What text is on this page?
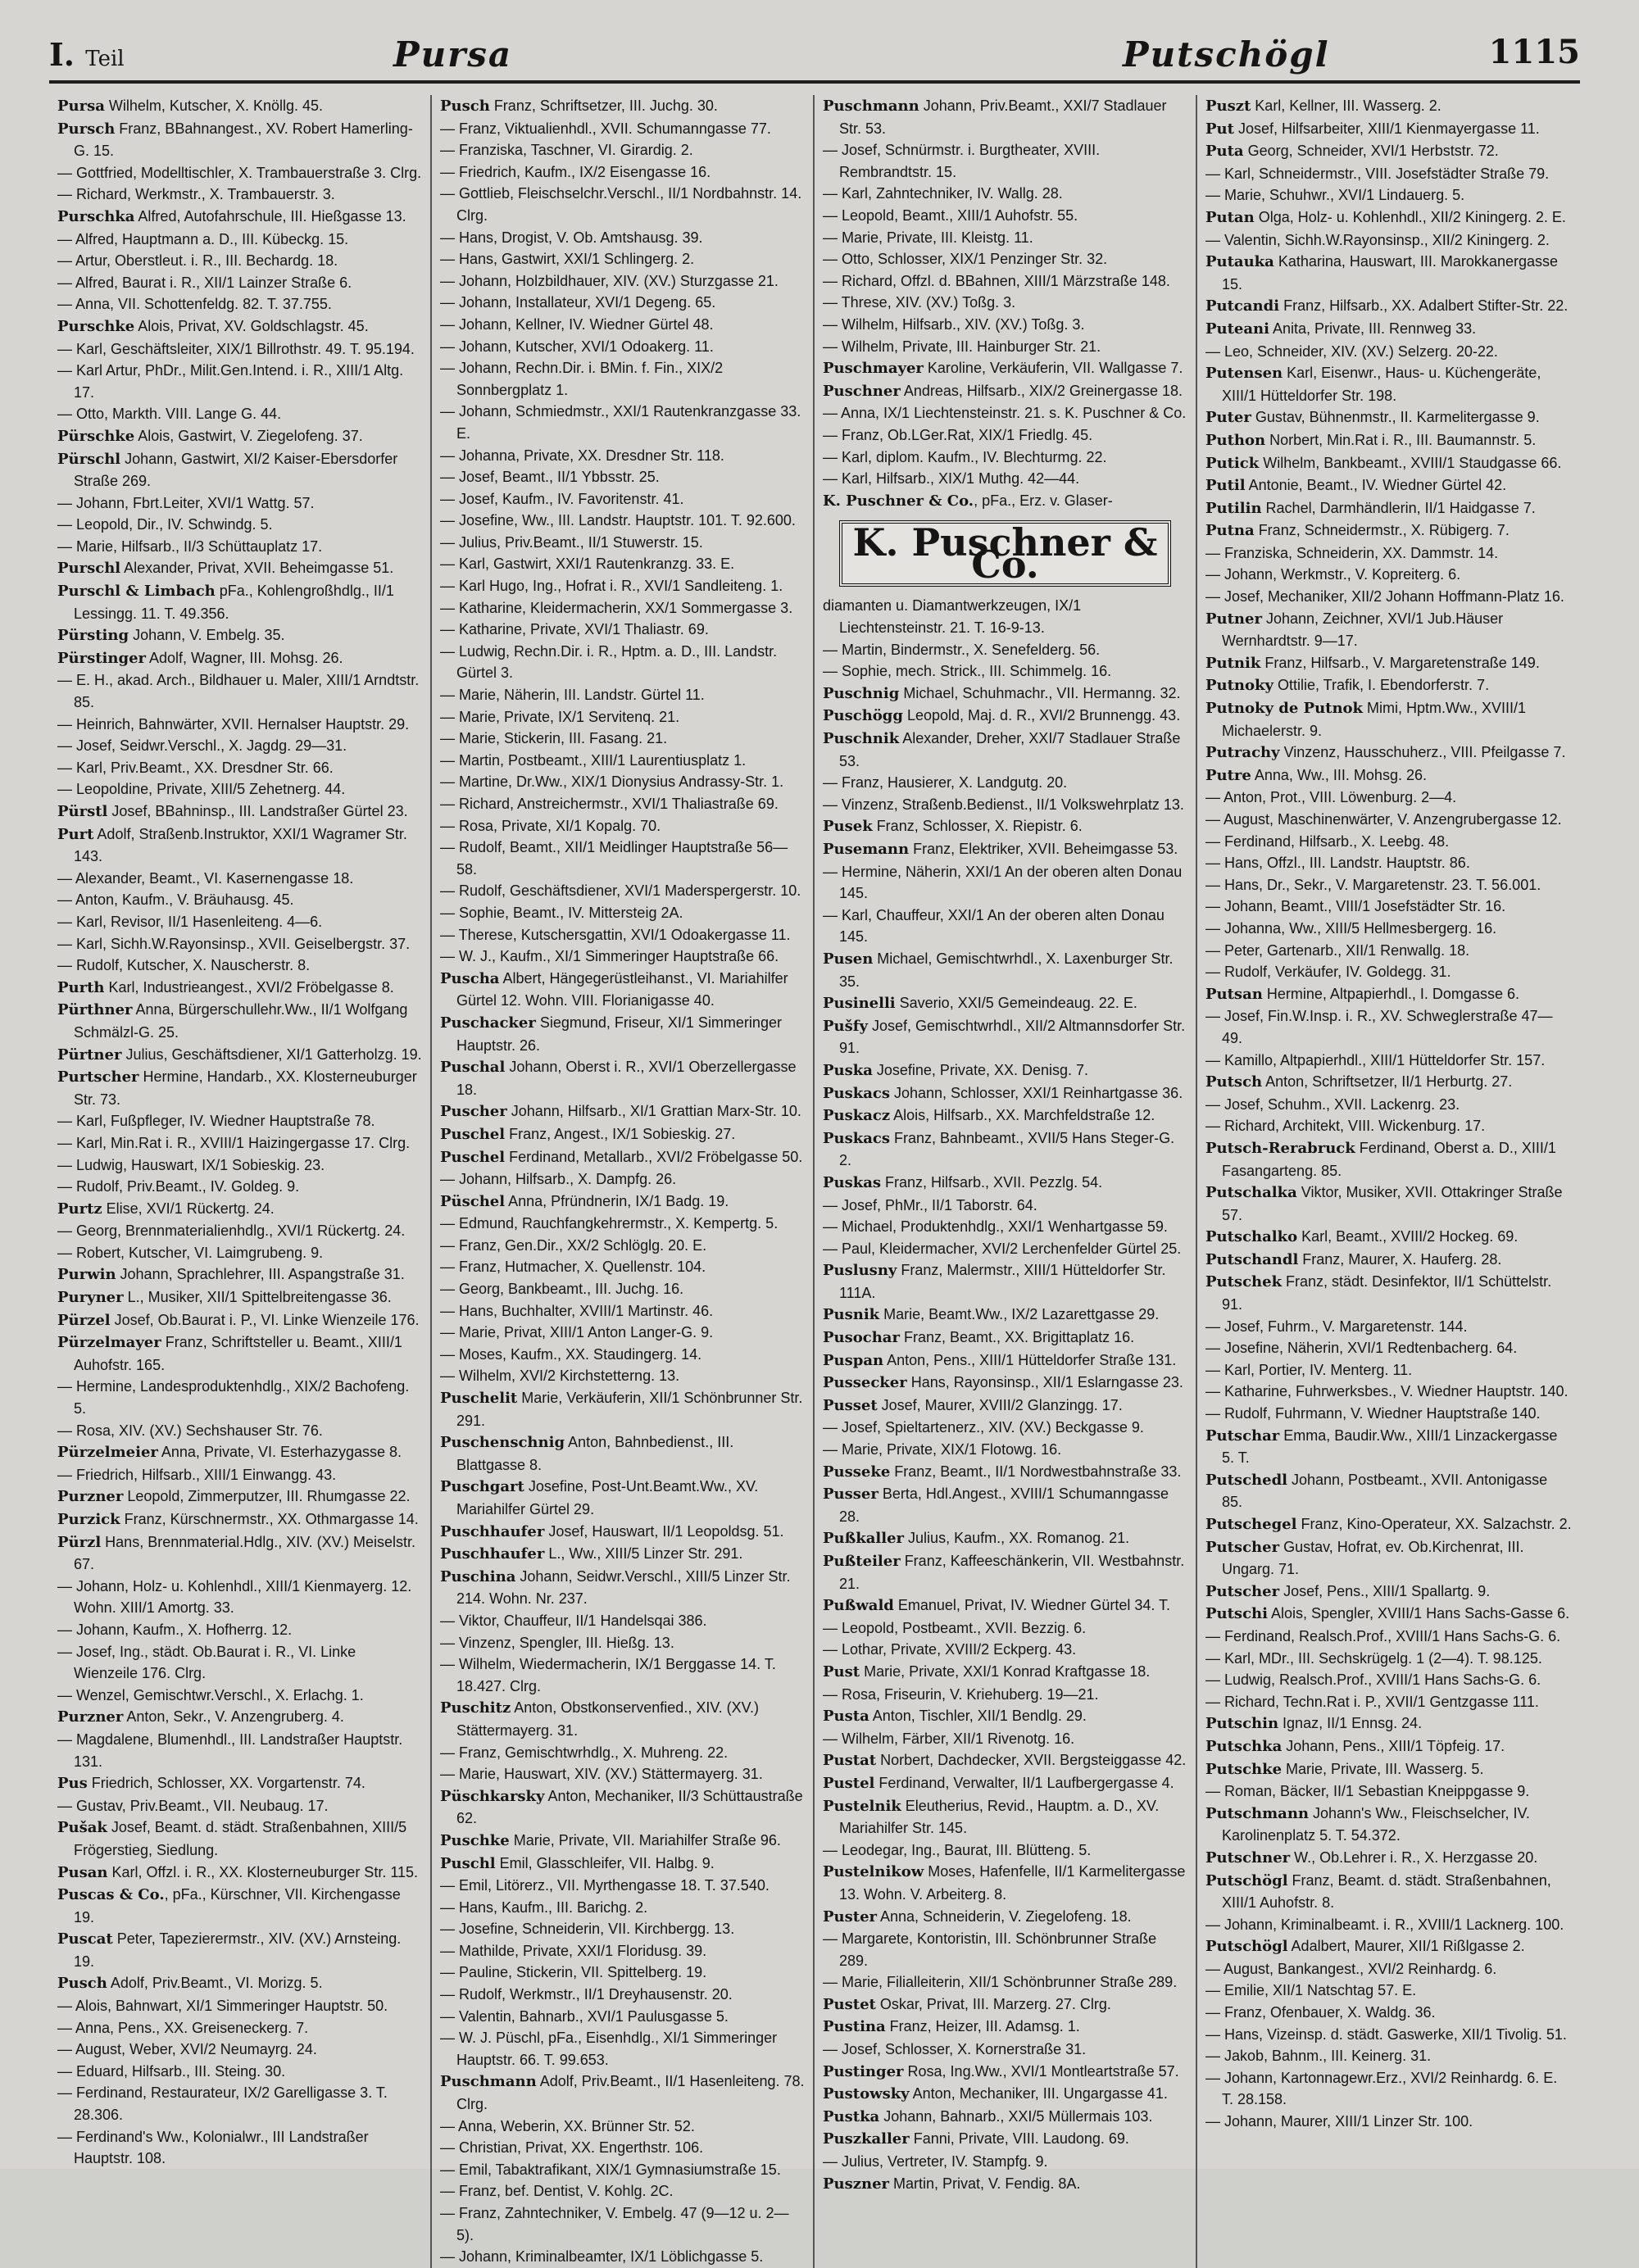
I. Teil	Pursa	Putschögl	1115

Pursa Wilhelm, Kutscher, X. Knöllg. 45.

Pursch Franz, BBahnangest., XV. Robert Hamerling-G. 15.

— Gottfried, Modelltischler, X. Trambauerstraße 3. Clrg.

— Richard, Werkmstr., X. Trambauerstr. 3.

Purschka Alfred, Autofahrschule, III. Hießgasse 13.

— Alfred, Hauptmann a. D., III. Kübeckg. 15.

— Artur, Oberstleut. i. R., III. Bechardg. 18.

— Alfred, Baurat i. R., XII/1 Lainzer Straße 6.

— Anna, VII. Schottenfeldg. 82. T. 37.755.

Purschke Alois, Privat, XV. Goldschlagstr. 45.

— Karl, Geschäftsleiter, XIX/1 Billrothstr. 49. T. 95.194.

— Karl Artur, PhDr., Milit.Gen.Intend. i. R., XIII/1 Altg. 17.

— Otto, Markth. VIII. Lange G. 44.

Pürschke Alois, Gastwirt, V. Ziegelofeng. 37.

Pürschl Johann, Gastwirt, XI/2 Kaiser-Ebersdorfer Straße 269.

— Johann, Fbrt.Leiter, XVI/1 Wattg. 57.

— Leopold, Dir., IV. Schwindg. 5.

— Marie, Hilfsarb., II/3 Schüttauplatz 17.

Purschl Alexander, Privat, XVII. Beheimgasse 51.

Purschl & Limbach pFa., Kohlengroßhdlg., II/1 Lessingg. 11. T. 49.356.

Pürsting Johann, V. Embelg. 35.

Pürstinger Adolf, Wagner, III. Mohsg. 26.

— E. H., akad. Arch., Bildhauer u. Maler, XIII/1 Arndtstr. 85.

— Heinrich, Bahnwärter, XVII. Hernalser Hauptstr. 29.

— Josef, Seidwr.Verschl., X. Jagdg. 29—31.

— Karl, Priv.Beamt., XX. Dresdner Str. 66.

— Leopoldine, Private, XIII/5 Zehetnerg. 44.

Pürstl Josef, BBahninsp., III. Landstraßer Gürtel 23.

Purt Adolf, Straßenb.Instruktor, XXI/1 Wagramer Str. 143.

— Alexander, Beamt., VI. Kasernengasse 18.

— Anton, Kaufm., V. Bräuhausg. 45.

— Karl, Revisor, II/1 Hasenleiteng. 4—6.

— Karl, Sichh.W.Rayonsinsp., XVII. Geiselbergstr. 37.

— Rudolf, Kutscher, X. Nauscherstr. 8.

Purth Karl, Industrieangest., XVI/2 Fröbelgasse 8.

Pürthner Anna, Bürgerschullehr.Ww., II/1 Wolfgang Schmälzl-G. 25.

Pürtner Julius, Geschäftsdiener, XI/1 Gatterholzg. 19.

Purtscher Hermine, Handarb., XX. Klosterneuburger Str. 73.

— Karl, Fußpfleger, IV. Wiedner Hauptstraße 78.

— Karl, Min.Rat i. R., XVIII/1 Haizingergasse 17. Clrg.

— Ludwig, Hauswart, IX/1 Sobieskig. 23.

— Rudolf, Priv.Beamt., IV. Goldeg. 9.

Purtz Elise, XVI/1 Rückertg. 24.

— Georg, Brennmaterialienhdlg., XVI/1 Rückertg. 24.

— Robert, Kutscher, VI. Laimgrubeng. 9.

Purwin Johann, Sprachlehrer, III. Aspangstraße 31.

Puryner L., Musiker, XII/1 Spittelbreitengasse 36.

Pürzel Josef, Ob.Baurat i. P., VI. Linke Wienzeile 176.

Pürzelmayer Franz, Schriftsteller u. Beamt., XIII/1 Auhofstr. 165.

— Hermine, Landesproduktenhdlg., XIX/2 Bachofeng. 5.

— Rosa, XIV. (XV.) Sechshauser Str. 76.

Pürzelmeier Anna, Private, VI. Esterhazygasse 8.

— Friedrich, Hilfsarb., XIII/1 Einwangg. 43.

Purzner Leopold, Zimmerputzer, III. Rhumgasse 22.

Purzick Franz, Kürschnermstr., XX. Othmargasse 14.

Pürzl Hans, Brennmaterial.Hdlg., XIV. (XV.) Meiselstr. 67.

— Johann, Holz- u. Kohlenhdl., XIII/1 Kienmayerg. 12. Wohn. XIII/1 Amortg. 33.

— Johann, Kaufm., X. Hofherrg. 12.

— Josef, Ing., städt. Ob.Baurat i. R., VI. Linke Wienzeile 176. Clrg.

— Wenzel, Gemischtwr.Verschl., X. Erlachg. 1.

Purzner Anton, Sekr., V. Anzengruberg. 4.

— Magdalene, Blumenhdl., III. Landstraßer Hauptstr. 131.

Pus Friedrich, Schlosser, XX. Vorgartenstr. 74.

— Gustav, Priv.Beamt., VII. Neubaug. 17.

Pušak Josef, Beamt. d. städt. Straßenbahnen, XIII/5 Frögerstieg, Siedlung.

Pusan Karl, Offzl. i. R., XX. Klosterneuburger Str. 115.

Puscas & Co., pFa., Kürschner, VII. Kirchengasse 19.

Puscat Peter, Tapezierermstr., XIV. (XV.) Arnsteing. 19.

Pusch Adolf, Priv.Beamt., VI. Morizg. 5.

— Alois, Bahnwart, XI/1 Simmeringer Hauptstr. 50.

— Anna, Pens., XX. Greiseneckerg. 7.

— August, Weber, XVI/2 Neumayrg. 24.

— Eduard, Hilfsarb., III. Steing. 30.

— Ferdinand, Restaurateur, IX/2 Garelligasse 3. T. 28.306.

— Ferdinand's Ww., Kolonialwr., III Landstraßer Hauptstr. 108.

Pusch Franz, Schriftsetzer, III. Juchg. 30.

— Franz, Viktualienhdl., XVII. Schumanngasse 77.

— Franziska, Taschner, VI. Girardig. 2.

— Friedrich, Kaufm., IX/2 Eisengasse 16.

— Gottlieb, Fleischselchr.Verschl., II/1 Nordbahnstr. 14. Clrg.

— Hans, Drogist, V. Ob. Amtshausg. 39.

— Hans, Gastwirt, XXI/1 Schlingerg. 2.

— Johann, Holzbildhauer, XIV. (XV.) Sturzgasse 21.

— Johann, Installateur, XVI/1 Degeng. 65.

— Johann, Kellner, IV. Wiedner Gürtel 48.

— Johann, Kutscher, XVI/1 Odoakerg. 11.

— Johann, Rechn.Dir. i. BMin. f. Fin., XIX/2 Sonnbergplatz 1.

— Johann, Schmiedmstr., XXI/1 Rautenkranzgasse 33. E.

— Johanna, Private, XX. Dresdner Str. 118.

— Josef, Beamt., II/1 Ybbsstr. 25.

— Josef, Kaufm., IV. Favoritenstr. 41.

— Josefine, Ww., III. Landstr. Hauptstr. 101. T. 92.600.

— Julius, Priv.Beamt., II/1 Stuwerstr. 15.

— Karl, Gastwirt, XXI/1 Rautenkranzg. 33. E.

— Karl Hugo, Ing., Hofrat i. R., XVI/1 Sandleiteng. 1.

— Katharine, Kleidermacherin, XX/1 Sommergasse 3.

— Katharine, Private, XVI/1 Thaliastr. 69.

— Ludwig, Rechn.Dir. i. R., Hptm. a. D., III. Landstr. Gürtel 3.

— Marie, Näherin, III. Landstr. Gürtel 11.

— Marie, Private, IX/1 Servitenq. 21.

— Marie, Stickerin, III. Fasang. 21.

— Martin, Postbeamt., XIII/1 Laurentiusplatz 1.

— Martine, Dr.Ww., XIX/1 Dionysius Andrassy-Str. 1.

— Richard, Anstreichermstr., XVI/1 Thaliastraße 69.

— Rosa, Private, XI/1 Kopalg. 70.

— Rudolf, Beamt., XII/1 Meidlinger Hauptstraße 56—58.

— Rudolf, Geschäftsdiener, XVI/1 Maderspergerstr. 10.

— Sophie, Beamt., IV. Mittersteig 2A.

— Therese, Kutschersgattin, XVI/1 Odoakergasse 11.

— W. J., Kaufm., XI/1 Simmeringer Hauptstraße 66.

Puscha Albert, Hängegerüstleihanst., VI. Mariahilfer Gürtel 12. Wohn. VIII. Florianigasse 40.

Puschacker Siegmund, Friseur, XI/1 Simmeringer Hauptstr. 26.

Puschal Johann, Oberst i. R., XVI/1 Oberzellergasse 18.

Puscher Johann, Hilfsarb., XI/1 Grattian Marx-Str. 10.

Puschel Franz, Angest., IX/1 Sobieskig. 27.

Puschel Ferdinand, Metallarb., XVI/2 Fröbelgasse 50.

— Johann, Hilfsarb., X. Dampfg. 26.

Püschel Anna, Pfründnerin, IX/1 Badg. 19.

— Edmund, Rauchfangkehrermstr., X. Kempertg. 5.

— Franz, Gen.Dir., XX/2 Schlöglg. 20. E.

— Franz, Hutmacher, X. Quellenstr. 104.

— Georg, Bankbeamt., III. Juchg. 16.

— Hans, Buchhalter, XVIII/1 Martinstr. 46.

— Marie, Privat, XIII/1 Anton Langer-G. 9.

— Moses, Kaufm., XX. Staudingerg. 14.

— Wilhelm, XVI/2 Kirchstetterng. 13.

Puschelit Marie, Verkäuferin, XII/1 Schönbrunner Str. 291.

Puschenschnig Anton, Bahnbedienst., III. Blattgasse 8.

Puschgart Josefine, Post-Unt.Beamt.Ww., XV. Mariahilfer Gürtel 29.

Puschhaufer Josef, Hauswart, II/1 Leopoldsg. 51.

Puschhaufer L., Ww., XIII/5 Linzer Str. 291.

Puschina Johann, Seidwr.Verschl., XIII/5 Linzer Str. 214. Wohn. Nr. 237.

— Viktor, Chauffeur, II/1 Handelsqai 386.

— Vinzenz, Spengler, III. Hießg. 13.

— Wilhelm, Wiedermacherin, IX/1 Berggasse 14. T. 18.427. Clrg.

Puschitz Anton, Obstkonservenfied., XIV. (XV.) Stättermayerg. 31.

— Franz, Gemischtwrhdlg., X. Muhreng. 22.

— Marie, Hauswart, XIV. (XV.) Stättermayerg. 31.

Püschkarsky Anton, Mechaniker, II/3 Schüttaustraße 62.

Puschke Marie, Private, VII. Mariahilfer Straße 96.

Puschl Emil, Glasschleifer, VII. Halbg. 9.

— Emil, Litörerz., VII. Myrthengasse 18. T. 37.540.

— Hans, Kaufm., III. Barichg. 2.

— Josefine, Schneiderin, VII. Kirchbergg. 13.

— Mathilde, Private, XXI/1 Floridusg. 39.

— Pauline, Stickerin, VII. Spittelberg. 19.

— Rudolf, Werkmstr., II/1 Dreyhausenstr. 20.

— Valentin, Bahnarb., XVI/1 Paulusgasse 5.

— W. J. Püschl, pFa., Eisenhdlg., XI/1 Simmeringer Hauptstr. 66. T. 99.653.

Puschmann Adolf, Priv.Beamt., II/1 Hasenleiteng. 78. Clrg.

— Anna, Weberin, XX. Brünner Str. 52.

— Christian, Privat, XX. Engerthstr. 106.

— Emil, Tabaktrafikant, XIX/1 Gymnasiumstraße 15.

— Franz, bef. Dentist, V. Kohlg. 2C.

— Franz, Zahntechniker, V. Embelg. 47 (9—12 u. 2—5).

— Johann, Kriminalbeamter, IX/1 Löblichgasse 5.

Puschmann Johann, Priv.Beamt., XXI/7 Stadlauer Str. 53.

— Josef, Schnürmstr. i. Burgtheater, XVIII. Rembrandtstr. 15.

— Karl, Zahntechniker, IV. Wallg. 28.

— Leopold, Beamt., XIII/1 Auhofstr. 55.

— Marie, Private, III. Kleistg. 11.

— Otto, Schlosser, XIX/1 Penzinger Str. 32.

— Richard, Offzl. d. BBahnen, XIII/1 Märzstraße 148.

— Threse, XIV. (XV.) Toßg. 3.

— Wilhelm, Hilfsarb., XIV. (XV.) Toßg. 3.

— Wilhelm, Private, III. Hainburger Str. 21.

Puschmayer Karoline, Verkäuferin, VII. Wallgasse 7.

Puschner Andreas, Hilfsarb., XIX/2 Greinergasse 18.

— Anna, IX/1 Liechtensteinstr. 21. s. K. Puschner & Co.

— Franz, Ob.LGer.Rat, XIX/1 Friedlg. 45.

— Karl, diplom. Kaufm., IV. Blechturmg. 22.

— Karl, Hilfsarb., XIX/1 Muthg. 42—44.

K. Puschner & Co., pFa., Erz. v. Glaser-

K. Puschner & Co.

diamanten u. Diamantwerkzeugen, IX/1 Liechtensteinstr. 21. T. 16-9-13.

— Martin, Bindermstr., X. Senefelderg. 56.

— Sophie, mech. Strick., III. Schimmelg. 16.

Puschnig Michael, Schuhmachr., VII. Hermanng. 32.

Puschögg Leopold, Maj. d. R., XVI/2 Brunnengg. 43.

Puschnik Alexander, Dreher, XXI/7 Stadlauer Straße 53.

— Franz, Hausierer, X. Landgutg. 20.

— Vinzenz, Straßenb.Bedienst., II/1 Volkswehrplatz 13.

Pusek Franz, Schlosser, X. Riepistr. 6.

Pusemann Franz, Elektriker, XVII. Beheimgasse 53.

— Hermine, Näherin, XXI/1 An der oberen alten Donau 145.

— Karl, Chauffeur, XXI/1 An der oberen alten Donau 145.

Pusen Michael, Gemischtwrhdl., X. Laxenburger Str. 35.

Pusinelli Saverio, XXI/5 Gemeindeaug. 22. E.

Pušfy Josef, Gemischtwrhdl., XII/2 Altmannsdorfer Str. 91.

Puska Josefine, Private, XX. Denisg. 7.

Puskacs Johann, Schlosser, XXI/1 Reinhartgasse 36.

Puskacz Alois, Hilfsarb., XX. Marchfeldstraße 12.

Puskacs Franz, Bahnbeamt., XVII/5 Hans Steger-G. 2.

Puskas Franz, Hilfsarb., XVII. Pezzlg. 54.

— Josef, PhMr., II/1 Taborstr. 64.

— Michael, Produktenhdlg., XXI/1 Wenhartgasse 59.

— Paul, Kleidermacher, XVI/2 Lerchenfelder Gürtel 25.

Puslusny Franz, Malermstr., XIII/1 Hütteldorfer Str. 111A.

Pusnik Marie, Beamt.Ww., IX/2 Lazarettgasse 29.

Pusochar Franz, Beamt., XX. Brigittaplatz 16.

Puspan Anton, Pens., XIII/1 Hütteldorfer Straße 131.

Pussecker Hans, Rayonsinsp., XII/1 Eslarngasse 23.

Pusset Josef, Maurer, XVIII/2 Glanzingg. 17.

— Josef, Spieltartenerz., XIV. (XV.) Beckgasse 9.

— Marie, Private, XIX/1 Flotowg. 16.

Pusseke Franz, Beamt., II/1 Nordwestbahnstraße 33.

Pusser Berta, Hdl.Angest., XVIII/1 Schumanngasse 28.

Pußkaller Julius, Kaufm., XX. Romanog. 21.

Pußteiler Franz, Kaffeeschänkerin, VII. Westbahnstr. 21.

Pußwald Emanuel, Privat, IV. Wiedner Gürtel 34. T.

— Leopold, Postbeamt., XVII. Bezzig. 6.

— Lothar, Private, XVIII/2 Eckperg. 43.

Pust Marie, Private, XXI/1 Konrad Kraftgasse 18.

— Rosa, Friseurin, V. Kriehuberg. 19—21.

Pusta Anton, Tischler, XII/1 Bendlg. 29.

— Wilhelm, Färber, XII/1 Rivenotg. 16.

Pustat Norbert, Dachdecker, XVII. Bergsteiggasse 42.

Pustel Ferdinand, Verwalter, II/1 Laufbergergasse 4.

Pustelnik Eleutherius, Revid., Hauptm. a. D., XV. Mariahilfer Str. 145.

— Leodegar, Ing., Baurat, III. Blütteng. 5.

Pustelnikow Moses, Hafenfelle, II/1 Karmelitergasse 13. Wohn. V. Arbeiterg. 8.

Puster Anna, Schneiderin, V. Ziegelofeng. 18.

— Margarete, Kontoristin, III. Schönbrunner Straße 289.

— Marie, Filialleiterin, XII/1 Schönbrunner Straße 289.

Pustet Oskar, Privat, III. Marzerg. 27. Clrg.

Pustina Franz, Heizer, III. Adamsg. 1.

— Josef, Schlosser, X. Kornerstraße 31.

Pustinger Rosa, Ing.Ww., XVI/1 Montleartstraße 57.

Pustowsky Anton, Mechaniker, III. Ungargasse 41.

Pustka Johann, Bahnarb., XXI/5 Müllermais 103.

Puszkaller Fanni, Private, VIII. Laudong. 69.

— Julius, Vertreter, IV. Stampfg. 9.

Puszner Martin, Privat, V. Fendig. 8A.

Puszt Karl, Kellner, III. Wasserg. 2.

Put Josef, Hilfsarbeiter, XIII/1 Kienmayergasse 11.

Puta Georg, Schneider, XVI/1 Herbststr. 72.

— Karl, Schneidermstr., VIII. Josefstädter Straße 79.

— Marie, Schuhwr., XVI/1 Lindauerg. 5.

Putan Olga, Holz- u. Kohlenhdl., XII/2 Kiningerg. 2. E.

— Valentin, Sichh.W.Rayonsinsp., XII/2 Kiningerg. 2.

Putauka Katharina, Hauswart, III. Marokkanergasse 15.

Putcandi Franz, Hilfsarb., XX. Adalbert Stifter-Str. 22.

Puteani Anita, Private, III. Rennweg 33.

— Leo, Schneider, XIV. (XV.) Selzerg. 20-22.

Putensen Karl, Eisenwr., Haus- u. Küchengeräte, XIII/1 Hütteldorfer Str. 198.

Puter Gustav, Bühnenmstr., II. Karmelitergasse 9.

Puthon Norbert, Min.Rat i. R., III. Baumannstr. 5.

Putick Wilhelm, Bankbeamt., XVIII/1 Staudgasse 66.

Putil Antonie, Beamt., IV. Wiedner Gürtel 42.

Putilin Rachel, Darmhändlerin, II/1 Haidgasse 7.

Putna Franz, Schneidermstr., X. Rübigerg. 7.

— Franziska, Schneiderin, XX. Dammstr. 14.

— Johann, Werkmstr., V. Kopreiterg. 6.

— Josef, Mechaniker, XII/2 Johann Hoffmann-Platz 16.

Putner Johann, Zeichner, XVI/1 Jub.Häuser Wernhardtstr. 9—17.

Putnik Franz, Hilfsarb., V. Margaretenstraße 149.

Putnoky Ottilie, Trafik, I. Ebendorferstr. 7.

Putnoky de Putnok Mimi, Hptm.Ww., XVIII/1 Michaelerstr. 9.

Putrachy Vinzenz, Hausschuherz., VIII. Pfeilgasse 7.

Putre Anna, Ww., III. Mohsg. 26.

— Anton, Prot., VIII. Löwenburg. 2—4.

— August, Maschinenwärter, V. Anzengrubergasse 12.

— Ferdinand, Hilfsarb., X. Leebg. 48.

— Hans, Offzl., III. Landstr. Hauptstr. 86.

— Hans, Dr., Sekr., V. Margaretenstr. 23. T. 56.001.

— Johann, Beamt., VIII/1 Josefstädter Str. 16.

— Johanna, Ww., XIII/5 Hellmesbergerg. 16.

— Peter, Gartenarb., XII/1 Renwallg. 18.

— Rudolf, Verkäufer, IV. Goldegg. 31.

Putsan Hermine, Altpapierhdl., I. Domgasse 6.

— Josef, Fin.W.Insp. i. R., XV. Schweglerstraße 47—49.

— Kamillo, Altpapierhdl., XIII/1 Hütteldorfer Str. 157.

Putsch Anton, Schriftsetzer, II/1 Herburtg. 27.

— Josef, Schuhm., XVII. Lackenrg. 23.

— Richard, Architekt, VIII. Wickenburg. 17.

Putsch-Rerabruck Ferdinand, Oberst a. D., XIII/1 Fasangarteng. 85.

Putschalka Viktor, Musiker, XVII. Ottakringer Straße 57.

Putschalko Karl, Beamt., XVIII/2 Hockeg. 69.

Putschandl Franz, Maurer, X. Hauferg. 28.

Putschek Franz, städt. Desinfektor, II/1 Schüttelstr. 91.

— Josef, Fuhrm., V. Margaretenstr. 144.

— Josefine, Näherin, XVI/1 Redtenbacherg. 64.

— Karl, Portier, IV. Menterg. 11.

— Katharine, Fuhrwerksbes., V. Wiedner Hauptstr. 140.

— Rudolf, Fuhrmann, V. Wiedner Hauptstraße 140.

Putschar Emma, Baudir.Ww., XIII/1 Linzackergasse 5. T.

Putschedl Johann, Postbeamt., XVII. Antonigasse 85.

Putschegel Franz, Kino-Operateur, XX. Salzachstr. 2.

Putscher Gustav, Hofrat, ev. Ob.Kirchenrat, III. Ungarg. 71.

Putscher Josef, Pens., XIII/1 Spallartg. 9.

Putschi Alois, Spengler, XVIII/1 Hans Sachs-Gasse 6.

— Ferdinand, Realsch.Prof., XVIII/1 Hans Sachs-G. 6.

— Karl, MDr., III. Sechskrügelg. 1 (2—4). T. 98.125.

— Ludwig, Realsch.Prof., XVIII/1 Hans Sachs-G. 6.

— Richard, Techn.Rat i. P., XVII/1 Gentzgasse 111.

Putschin Ignaz, II/1 Ennsg. 24.

Putschka Johann, Pens., XIII/1 Töpfeig. 17.

Putschke Marie, Private, III. Wasserg. 5.

— Roman, Bäcker, II/1 Sebastian Kneippgasse 9.

Putschmann Johann's Ww., Fleischselcher, IV. Karolinenplatz 5. T. 54.372.

Putschner W., Ob.Lehrer i. R., X. Herzgasse 20.

Putschögl Franz, Beamt. d. städt. Straßenbahnen, XIII/1 Auhofstr. 8.

— Johann, Kriminalbeamt. i. R., XVIII/1 Lacknerg. 100.

Putschögl Adalbert, Maurer, XII/1 Rißlgasse 2.

— August, Bankangest., XVI/2 Reinhardg. 6.

— Emilie, XII/1 Natschtag 57. E.

— Franz, Ofenbauer, X. Waldg. 36.

— Hans, Vizeinsp. d. städt. Gaswerke, XII/1 Tivolig. 51.

— Jakob, Bahnm., III. Keinerg. 31.

— Johann, Kartonnagewr.Erz., XVI/2 Reinhardg. 6. E. T. 28.158.

— Johann, Maurer, XIII/1 Linzer Str. 100.
